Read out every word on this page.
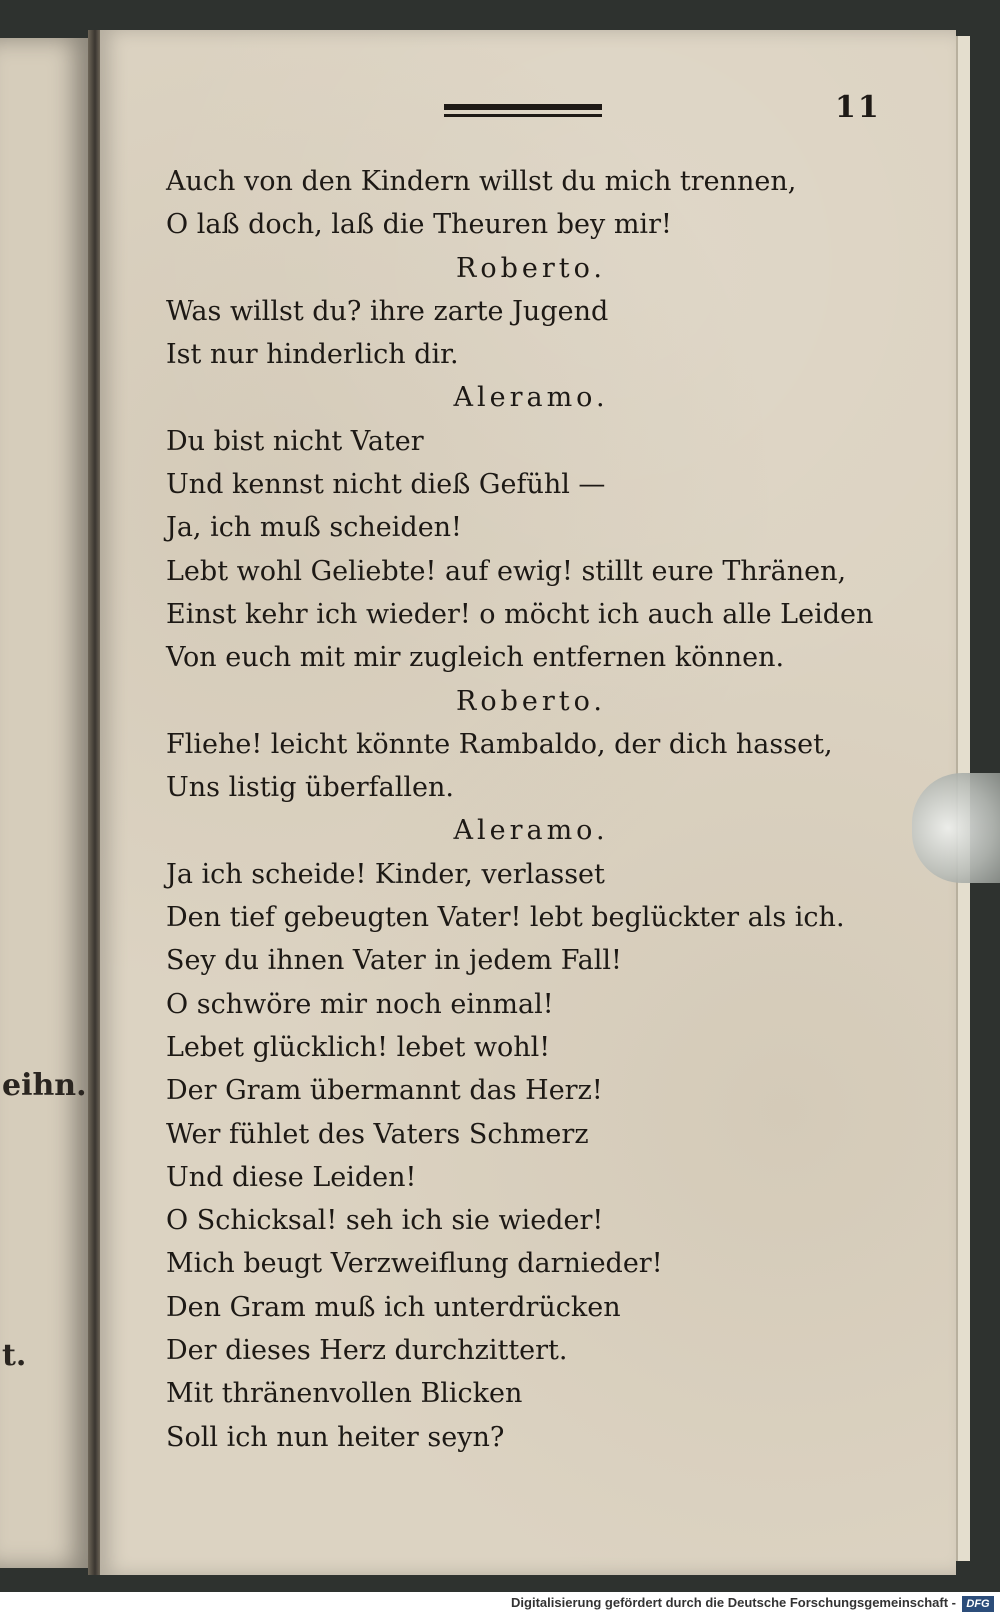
eihn.
t.
11
Auch von den Kindern willst du mich trennen,
O laß doch, laß die Theuren bey mir!
Roberto.
Was willst du? ihre zarte Jugend
Ist nur hinderlich dir.
Aleramo.
Du bist nicht Vater
Und kennst nicht dieß Gefühl —
Ja, ich muß scheiden!
Lebt wohl Geliebte! auf ewig! stillt eure Thränen,
Einst kehr ich wieder! o möcht ich auch alle Leiden
Von euch mit mir zugleich entfernen können.
Roberto.
Fliehe! leicht könnte Rambaldo, der dich hasset,
Uns listig überfallen.
Aleramo.
Ja ich scheide! Kinder, verlasset
Den tief gebeugten Vater! lebt beglückter als ich.
Sey du ihnen Vater in jedem Fall!
O schwöre mir noch einmal!
Lebet glücklich! lebet wohl!
Der Gram übermannt das Herz!
Wer fühlet des Vaters Schmerz
Und diese Leiden!
O Schicksal! seh ich sie wieder!
Mich beugt Verzweiflung darnieder!
Den Gram muß ich unterdrücken
Der dieses Herz durchzittert.
Mit thränenvollen Blicken
Soll ich nun heiter seyn?
Digitalisierung gefördert durch die Deutsche Forschungsgemeinschaft - DFG
